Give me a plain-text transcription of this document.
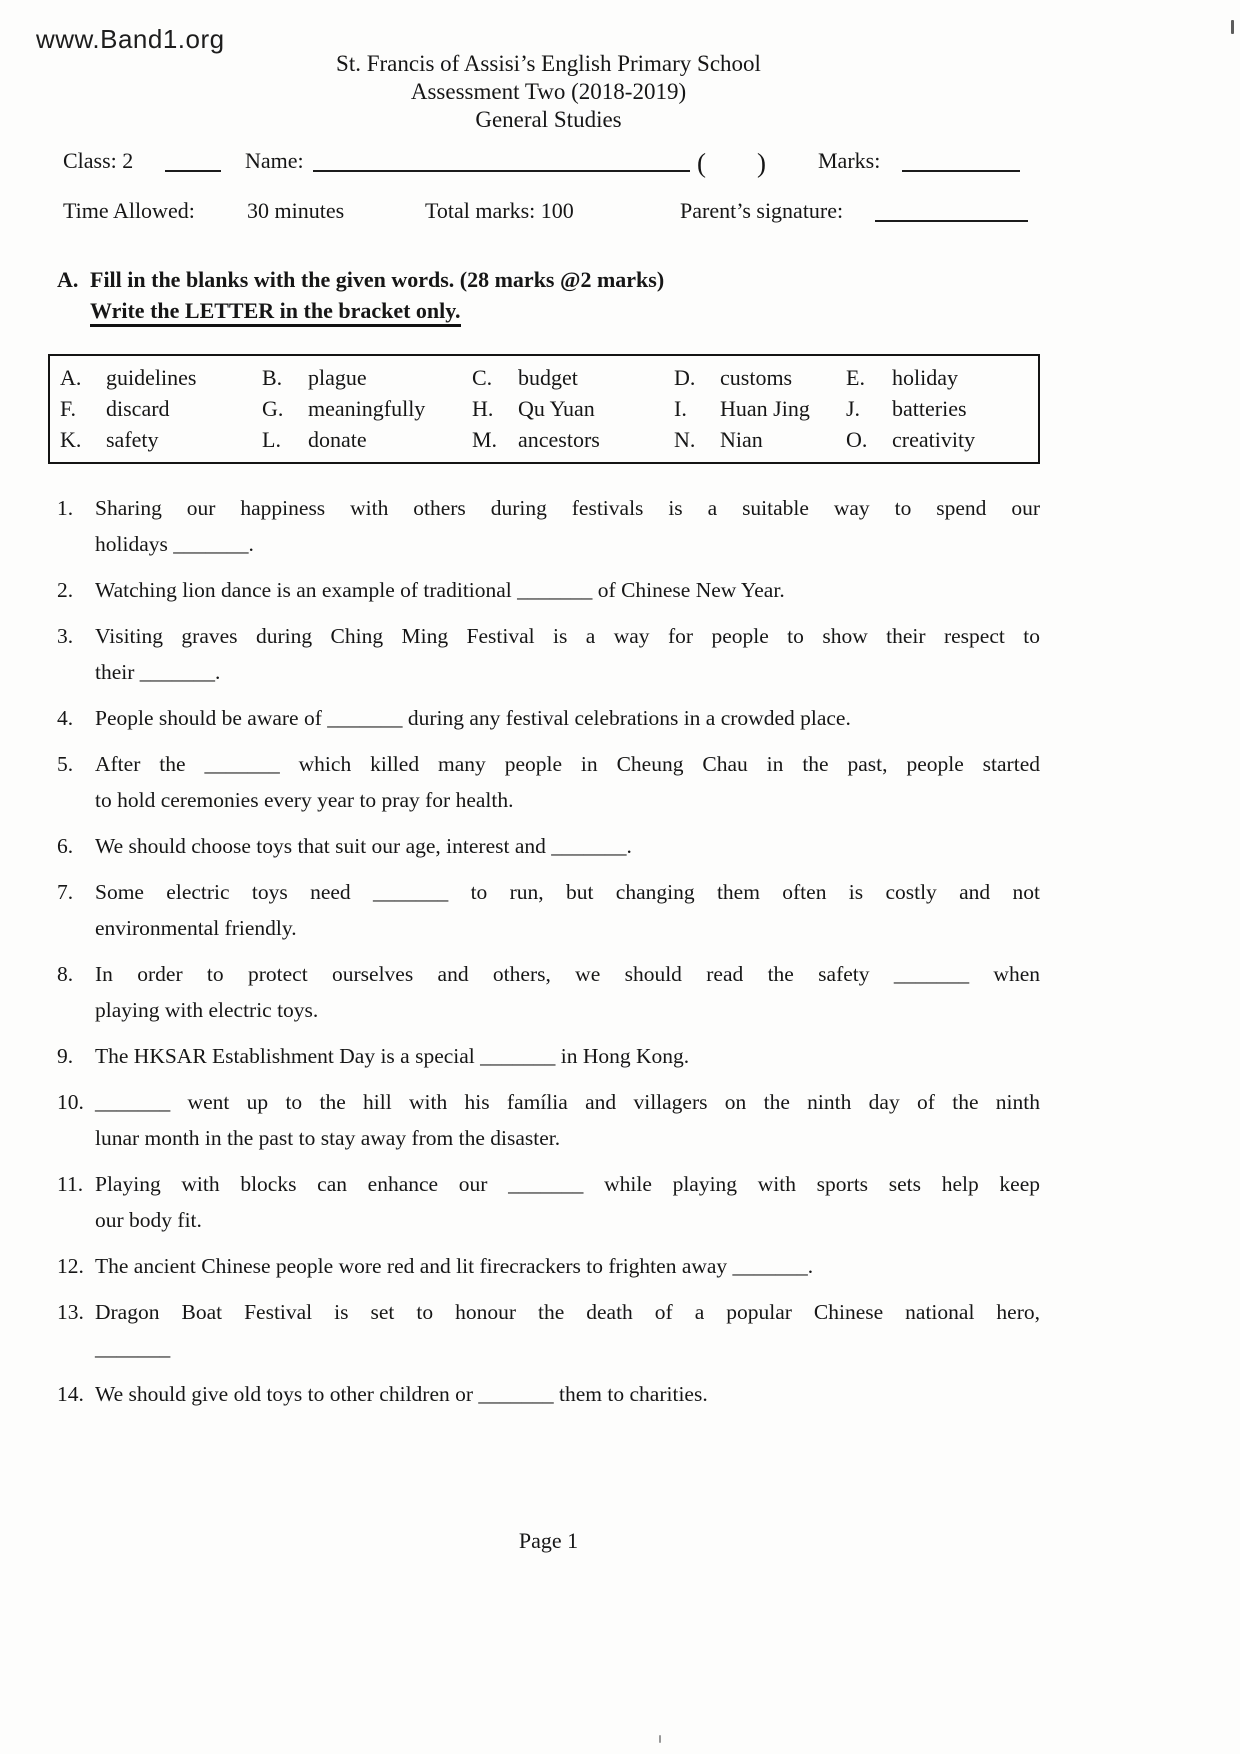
www.Band1.org
St. Francis of Assisi’s English Primary School
Assessment Two (2018-2019)
General Studies
Class: 2	Name:	( ) Marks:
Time Allowed: 30 minutes	Total marks: 100	Parent’s signature:
A. Fill in the blanks with the given words. (28 marks @2 marks)
Write the LETTER in the bracket only.
A. guidelines	B. plague	C. budget	D. customs	E. holiday
F. discard	G. meaningfully	H. Qu Yuan	I. Huan Jing	J. batteries
K. safety	L. donate	M. ancestors	N. Nian	O. creativity
1.	Sharing our happiness with others during festivals is a suitable way to spend our
holidays _______.
2.	Watching lion dance is an example of traditional _______ of Chinese New Year.
3.	Visiting graves during Ching Ming Festival is a way for people to show their respect to
their _______.
4.	People should be aware of _______ during any festival celebrations in a crowded place.
5.	After the _______ which killed many people in Cheung Chau in the past, people started
to hold ceremonies every year to pray for health.
6.	We should choose toys that suit our age, interest and _______.
7.	Some electric toys need _______ to run, but changing them often is costly and not
environmental friendly.
8.	In order to protect ourselves and others, we should read the safety _______ when
playing with electric toys.
9.	The HKSAR Establishment Day is a special _______ in Hong Kong.
10. _______ went up to the hill with his família and villagers on the ninth day of the ninth
lunar month in the past to stay away from the disaster.
11. Playing with blocks can enhance our _______ while playing with sports sets help keep
our body fit.
12. The ancient Chinese people wore red and lit firecrackers to frighten away _______.
13. Dragon Boat Festival is set to honour the death of a popular Chinese national hero,
_______
14. We should give old toys to other children or _______ them to charities.
Page 1
